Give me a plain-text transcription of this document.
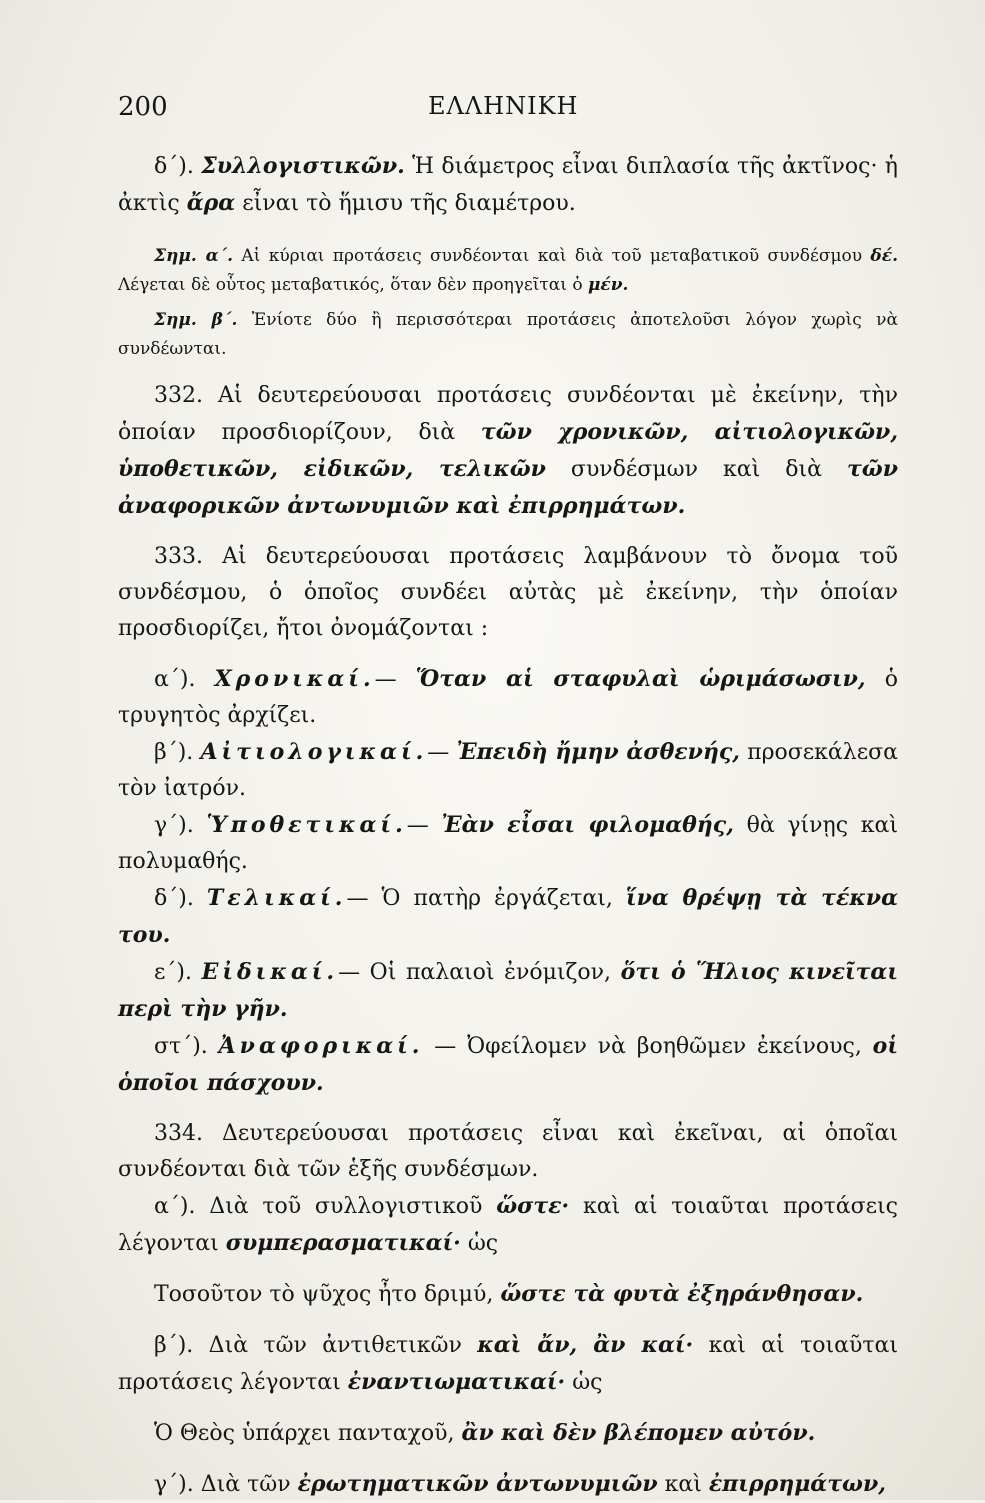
200	ΕΛΛΗΝΙΚΗ

δ΄). Συλλογιστικῶν. Ἡ διάμετρος εἶναι διπλασία τῆς ἀκτῖνος· ἡ ἀκτὶς ἄρα εἶναι τὸ ἥμισυ τῆς διαμέτρου.

Σημ. α΄. Αἱ κύριαι προτάσεις συνδέονται καὶ διὰ τοῦ μεταβατικοῦ συνδέσμου δέ. Λέγεται δὲ οὗτος μεταβατικός, ὅταν δὲν προηγεῖται ὁ μέν.

Σημ. β΄. Ἐνίοτε δύο ἢ περισσότεραι προτάσεις ἀποτελοῦσι λόγον χωρὶς νὰ συνδέωνται.

332. Αἱ δευτερεύουσαι προτάσεις συνδέονται μὲ ἐκείνην, τὴν ὁποίαν προσδιορίζουν, διὰ τῶν χρονικῶν, αἰτιολογικῶν, ὑποθετικῶν, εἰδικῶν, τελικῶν συνδέσμων καὶ διὰ τῶν ἀναφορικῶν ἀντωνυμιῶν καὶ ἐπιρρημάτων.

333. Αἱ δευτερεύουσαι προτάσεις λαμβάνουν τὸ ὄνομα τοῦ συνδέσμου, ὁ ὁποῖος συνδέει αὐτὰς μὲ ἐκείνην, τὴν ὁποίαν προσδιορίζει, ἤτοι ὀνομάζονται :

α΄). Χρονικαί.— Ὅταν αἱ σταφυλαὶ ὡριμάσωσιν, ὁ τρυγητὸς ἀρχίζει.

β΄). Αἰτιολογικαί.— Ἐπειδὴ ἤμην ἀσθενής, προσεκάλεσα τὸν ἰατρόν.

γ΄). Ὑποθετικαί.— Ἐὰν εἶσαι φιλομαθής, θὰ γίνῃς καὶ πολυμαθής.

δ΄). Τελικαί.— Ὁ πατὴρ ἐργάζεται, ἵνα θρέψῃ τὰ τέκνα του.

ε΄). Εἰδικαί.— Οἱ παλαιοὶ ἐνόμιζον, ὅτι ὁ Ἥλιος κινεῖται περὶ τὴν γῆν.

στ΄). Ἀναφορικαί. — Ὀφείλομεν νὰ βοηθῶμεν ἐκείνους, οἱ ὁποῖοι πάσχουν.

334. Δευτερεύουσαι προτάσεις εἶναι καὶ ἐκεῖναι, αἱ ὁποῖαι συνδέονται διὰ τῶν ἑξῆς συνδέσμων.

α΄). Διὰ τοῦ συλλογιστικοῦ ὥστε· καὶ αἱ τοιαῦται προτάσεις λέγονται συμπερασματικαί· ὡς

Τοσοῦτον τὸ ψῦχος ἦτο δριμύ, ὥστε τὰ φυτὰ ἐξηράνθησαν.

β΄). Διὰ τῶν ἀντιθετικῶν καὶ ἄν, ἂν καί· καὶ αἱ τοιαῦται προτάσεις λέγονται ἐναντιωματικαί· ὡς

Ὁ Θεὸς ὑπάρχει πανταχοῦ, ἂν καὶ δὲν βλέπομεν αὐτόν.

γ΄). Διὰ τῶν ἐρωτηματικῶν ἀντωνυμιῶν καὶ ἐπιρρημάτων,
